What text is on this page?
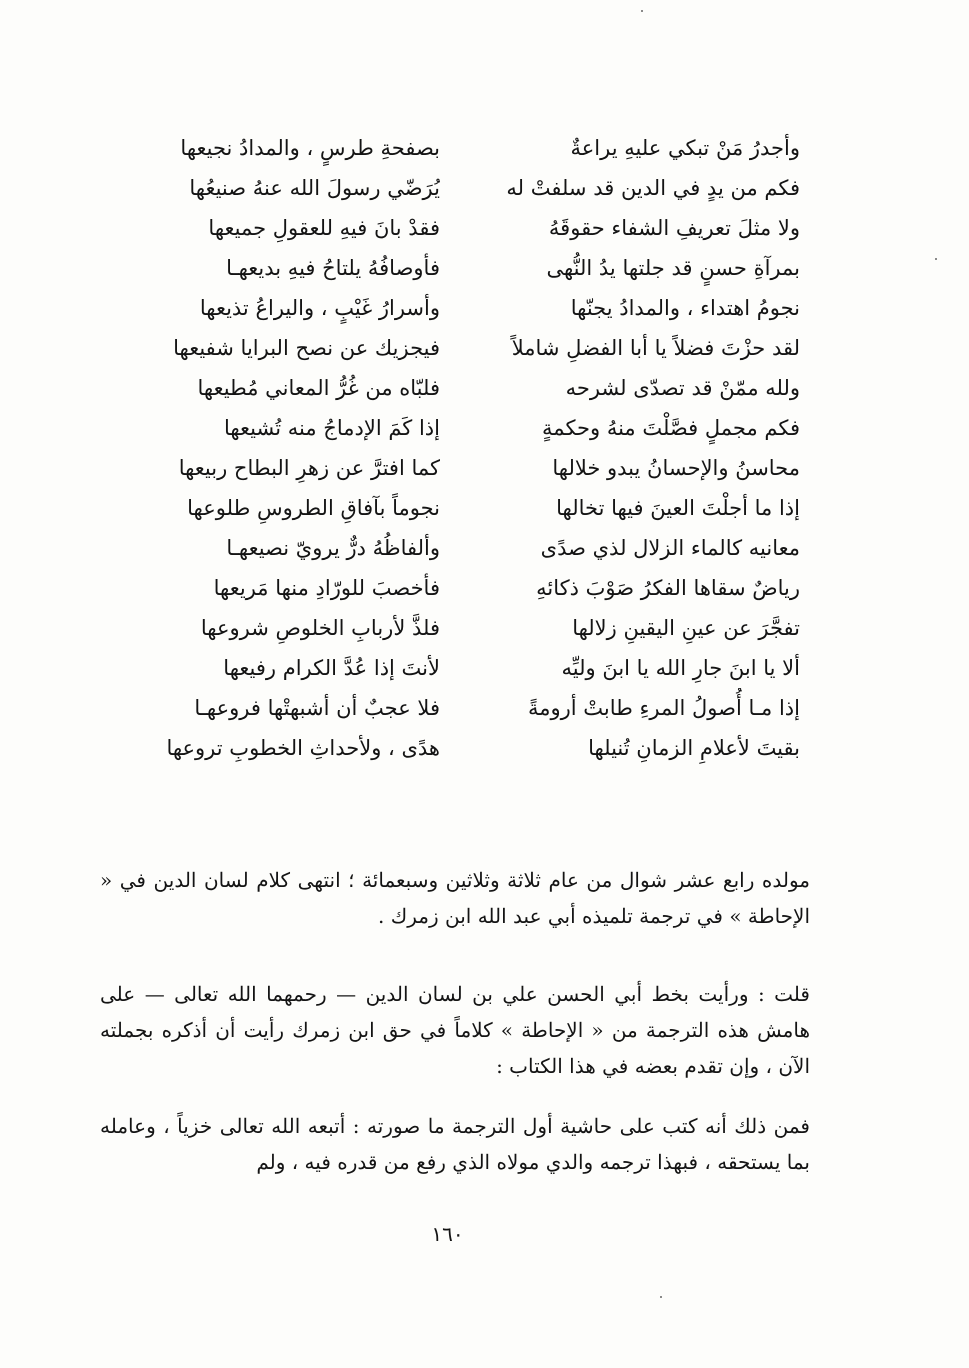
وأجدرُ مَنْ تبكي عليهِ يراعةٌ
بصفحةِ طرسٍ ، والمدادُ نجيعها
فكم من يدٍ في الدين قد سلفتْ له
يُرَضّي رسولَ الله عنهُ صنيعُها
ولا مثلَ تعريفِ الشفاء حقوقَهُ
فقدْ بانَ فيهِ للعقولِ جميعها
بمرآةِ حسنٍ قد جلتها يدُ النُّهى
فأوصافُهُ يلتاحُ فيهِ بديعهـا
نجومُ اهتداء ، والمدادُ يجنّها
وأسرارُ غَيْبٍ ، واليراعُ تذيعها
لقد حزْتَ فضلاً يا أبا الفضلِ شاملاً
فيجزيك عن نصح البرايا شفيعها
ولله ممّنْ قد تصدّى لشرحه
فلبّاه من غُرُّ المعاني مُطيعها
فكم مجملٍ فصَّلْتَ منهُ وحكمةٍ
إذا كَمَ الإدماجُ منه تُشيعها
محاسنُ والإحسانُ يبدو خلالها
كما افترَّ عن زهرِ البطاح ربيعها
إذا ما أجلْتَ العينَ فيها تخالها
نجوماً بآفاقِ الطروسِ طلوعها
معانيه كالماء الزلال لذي صدًى
وألفاظُهُ درٌّ يرويّ نصيعهـا
رياضٌ سقاها الفكرُ صَوْبَ ذكائهِ
فأخصبَ للورّادِ منها مَريعها
تفجَّرَ عن عينِ اليقينِ زلالها
فلذَّ لأربابِ الخلوصِ شروعها
ألا يا ابنَ جارِ الله يا ابنَ وليِّه
لأنتَ إذا عُدَّ الكرام رفيعها
إذا مـا أُصولُ المرءِ طابتْ أرومةً
فلا عجبٌ أن أشبهتْها فروعهـا
بقيتَ لأعلامِ الزمانِ تُنيلها
هدًى ، ولأحداثِ الخطوبِ تروعها

مولده رابع عشر شوال من عام ثلاثة وثلاثين وسبعمائة ؛ انتهى كلام لسان الدين في « الإحاطة » في ترجمة تلميذه أبي عبد الله ابن زمرك .

قلت : ورأيت بخط أبي الحسن علي بن لسان الدين — رحمهما الله تعالى — على هامش هذه الترجمة من « الإحاطة » كلاماً في حق ابن زمرك رأيت أن أذكره بجملته الآن ، وإن تقدم بعضه في هذا الكتاب :

فمن ذلك أنه كتب على حاشية أول الترجمة ما صورته : أتبعه الله تعالى خزياً ، وعامله بما يستحقه ، فبهذا ترجمه والدي مولاه الذي رفع من قدره فيه ، ولم

١٦٠
